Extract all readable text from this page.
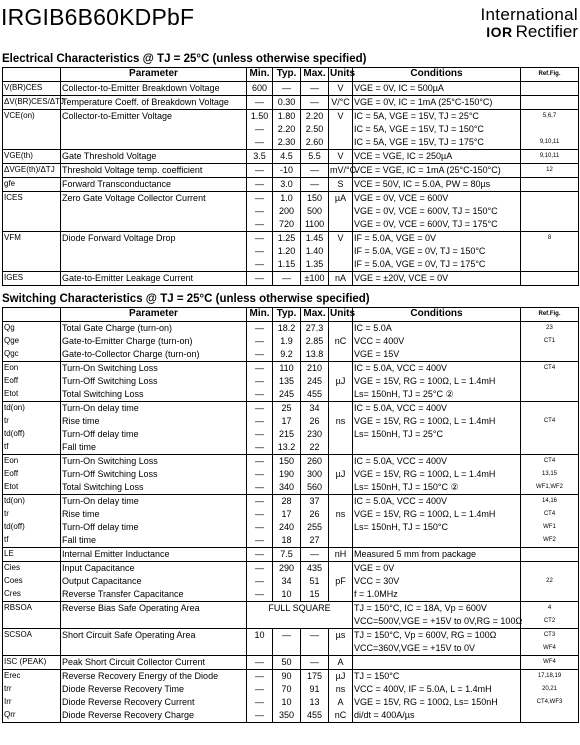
IRGIB6B60KDPbF	International
IOR Rectifier
Electrical Characteristics @ TJ = 25°C (unless otherwise specified)
	Parameter	Min.	Typ.	Max.	Units	Conditions	Ref.Fig.
V(BR)CES	Collector-to-Emitter Breakdown Voltage	600	—	—	V	VGE = 0V, IC = 500µA	
ΔV(BR)CES/ΔTJ	Temperature Coeff. of Breakdown Voltage	—	0.30	—	V/°C	VGE = 0V, IC = 1mA (25°C-150°C)	
VCE(on)	Collector-to-Emitter Voltage	1.50	1.80	2.20	V	IC = 5A, VGE = 15V, TJ = 25°C	5,6,7
		—	2.20	2.50		IC = 5A, VGE = 15V, TJ = 150°C	
		—	2.30	2.60		IC = 5A, VGE = 15V, TJ = 175°C	9,10,11
VGE(th)	Gate Threshold Voltage	3.5	4.5	5.5	V	VCE = VGE, IC = 250µA	9,10,11
ΔVGE(th)/ΔTJ	Threshold Voltage temp. coefficient	—	-10	—	mV/°C	VCE = VGE, IC = 1mA (25°C-150°C)	12
gfe	Forward Transconductance	—	3.0	—	S	VCE = 50V, IC = 5.0A, PW = 80µs	
ICES	Zero Gate Voltage Collector Current	—	1.0	150	µA	VGE = 0V, VCE = 600V	
		—	200	500		VGE = 0V, VCE = 600V, TJ = 150°C	
		—	720	1100		VGE = 0V, VCE = 600V, TJ = 175°C	
VFM	Diode Forward Voltage Drop	—	1.25	1.45	V	IF = 5.0A, VGE = 0V	8
		—	1.20	1.40		IF = 5.0A, VGE = 0V, TJ = 150°C	
		—	1.15	1.35		IF = 5.0A, VGE = 0V, TJ = 175°C	
IGES	Gate-to-Emitter Leakage Current	—	—	±100	nA	VGE = ±20V, VCE = 0V	
Switching Characteristics @ TJ = 25°C (unless otherwise specified)
	Parameter	Min.	Typ.	Max.	Units	Conditions	Ref.Fig.
Qg	Total Gate Charge (turn-on)	—	18.2	27.3		IC = 5.0A	23
Qge	Gate-to-Emitter Charge (turn-on)	—	1.9	2.85	nC	VCC = 400V	CT1
Qgc	Gate-to-Collector Charge (turn-on)	—	9.2	13.8		VGE = 15V	
Eon	Turn-On Switching Loss	—	110	210		IC = 5.0A, VCC = 400V	CT4
Eoff	Turn-Off Switching Loss	—	135	245	µJ	VGE = 15V, RG = 100Ω, L = 1.4mH	
Etot	Total Switching Loss	—	245	455		Ls= 150nH, TJ = 25°C ②	
td(on)	Turn-On delay time	—	25	34		IC = 5.0A, VCC = 400V	
tr	Rise time	—	17	26	ns	VGE = 15V, RG = 100Ω, L = 1.4mH	CT4
td(off)	Turn-Off delay time	—	215	230		Ls= 150nH, TJ = 25°C	
tf	Fall time	—	13.2	22			
Eon	Turn-On Switching Loss	—	150	260		IC = 5.0A, VCC = 400V	CT4
Eoff	Turn-Off Switching Loss	—	190	300	µJ	VGE = 15V, RG = 100Ω, L = 1.4mH	13,15
Etot	Total Switching Loss	—	340	560		Ls= 150nH, TJ = 150°C ②	WF1,WF2
td(on)	Turn-On delay time	—	28	37		IC = 5.0A, VCC = 400V	14,16
tr	Rise time	—	17	26	ns	VGE = 15V, RG = 100Ω, L = 1.4mH	CT4
td(off)	Turn-Off delay time	—	240	255		Ls= 150nH, TJ = 150°C	WF1
tf	Fall time	—	18	27			WF2
LE	Internal Emitter Inductance	—	7.5	—	nH	Measured 5 mm from package	
Cies	Input Capacitance	—	290	435		VGE = 0V	
Coes	Output Capacitance	—	34	51	pF	VCC = 30V	22
Cres	Reverse Transfer Capacitance	—	10	15		f = 1.0MHz	
RBSOA	Reverse Bias Safe Operating Area	FULL SQUARE				TJ = 150°C, IC = 18A, Vp = 600V	4
						VCC=500V,VGE = +15V to 0V,RG = 100Ω	CT2
SCSOA	Short Circuit Safe Operating Area	10	—	—	µs	TJ = 150°C, Vp = 600V, RG = 100Ω	CT3
						VCC=360V,VGE = +15V to 0V	WF4
ISC (PEAK)	Peak Short Circuit Collector Current	—	50	—	A		WF4
Erec	Reverse Recovery Energy of the Diode	—	90	175	µJ	TJ = 150°C	17,18,19
trr	Diode Reverse Recovery Time	—	70	91	ns	VCC = 400V, IF = 5.0A, L = 1.4mH	20,21
Irr	Diode Reverse Recovery Current	—	10	13	A	VGE = 15V, RG = 100Ω, Ls= 150nH	CT4,WF3
Qrr	Diode Reverse Recovery Charge	—	350	455	nC	di/dt = 400A/µs	
